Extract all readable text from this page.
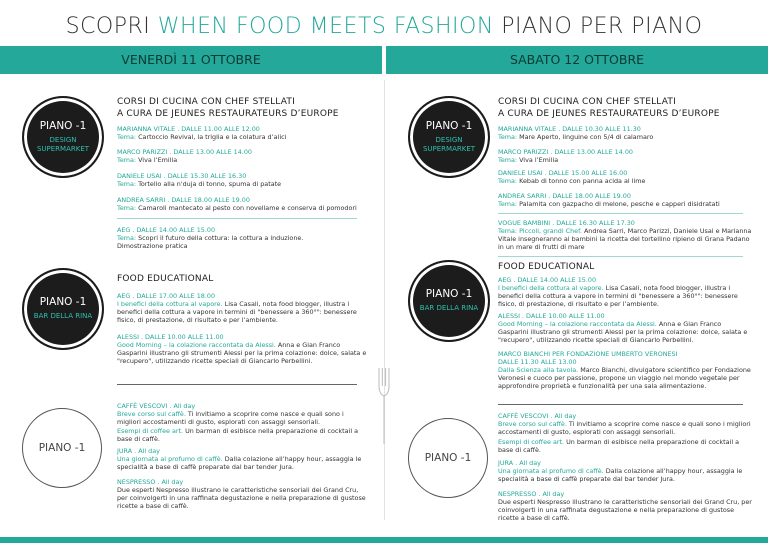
SCOPRI WHEN FOOD MEETS FASHION PIANO PER PIANO
VENERDÌ 11 OTTOBRE	SABATO 12 OTTOBRE
PIANO -1
DESIGN
SUPERMARKET
PIANO -1
BAR DELLA RINA
PIANO -1
PIANO -1
DESIGN
SUPERMARKET
PIANO -1
BAR DELLA RINA
PIANO -1
CORSI DI CUCINA CON CHEF STELLATI
A CURA DE JEUNES RESTAURATEURS D’EUROPE
MARIANNA VITALE . DALLE 11.00 ALLE 12.00
Tema: Cartoccio Revival, la triglia e la colatura d’alici
MARCO PARIZZI . DALLE 13.00 ALLE 14.00
Tema: Viva l’Emilia
DANIELE USAI . DALLE 15.30 ALLE 16.30
Tema: Tortello alla n'duja di tonno, spuma di patate
ANDREA SARRI . DALLE 18.00 ALLE 19.00
Tema: Camaroli mantecato al pesto con novellame e conserva di pomodori
AEG . DALLE 14.00 ALLE 15.00
Tema: Scopri il futuro della cottura: la cottura a induzione.
Dimostrazione pratica
FOOD EDUCATIONAL
AEG . DALLE 17.00 ALLE 18.00
I benefici della cottura al vapore. Lisa Casali, nota food blogger, illustra i benefici della cottura a vapore in termini di "benessere a 360°": benessere fisico, di prestazione, di risultato e per l’ambiente.
ALESSI . DALLE 10.00 ALLE 11.00
Good Morning – la colazione raccontata da Alessi. Anna e Gian Franco Gasparini illustrano gli strumenti Alessi per la prima colazione: dolce, salata e "recupero", utilizzando ricette speciali di Giancarlo Perbellini.
CAFFÈ VESCOVI . All day
Breve corso sul caffè. Ti invitiamo a scoprire come nasce e quali sono i migliori accostamenti di gusto, esplorati con assaggi sensoriali.
Esempi di coffee art. Un barman di esibisce nella preparazione di cocktail a base di caffè.
JURA . All day
Una giornata al profumo di caffè. Dalla colazione all’happy hour, assaggia le specialità a base di caffè preparate dal bar tender Jura.
NESPRESSO . All day
Due esperti Nespresso illustrano le caratteristiche sensoriali dei Grand Cru, per coinvolgerti in una raffinata degustazione e nella preparazione di gustose ricette a base di caffè.
CORSI DI CUCINA CON CHEF STELLATI
A CURA DE JEUNES RESTAURATEURS D’EUROPE
MARIANNA VITALE . DALLE 10.30 ALLE 11.30
Tema: Mare Aperto, linguine con 5/4 di calamaro
MARCO PARIZZI . DALLE 13.00 ALLE 14.00
Tema: Viva l’Emilia
DANIELE USAI . DALLE 15.00 ALLE 16.00
Tema: Kebab di tonno con panna acida al lime
ANDREA SARRI . DALLE 18.00 ALLE 19.00
Tema: Palamita con gazpacho di melone, pesche e capperi disidratati
VOGUE BAMBINI . DALLE 16.30 ALLE 17.30
Tema: Piccoli, grandi Chef. Andrea Sarri, Marco Parizzi, Daniele Usai e Marianna Vitale insegneranno ai bambini la ricetta del tortellino ripieno di Grana Padano in un mare di frutti di mare
FOOD EDUCATIONAL
AEG . DALLE 14.00 ALLE 15.00
I benefici della cottura al vapore. Lisa Casali, nota food blogger, illustra i benefici della cottura a vapore in termini di "benessere a 360°": benessere fisico, di prestazione, di risultato e per l’ambiente.
ALESSI . DALLE 10.00 ALLE 11.00
Good Morning – la colazione raccontata da Alessi. Anna e Gian Franco Gasparini illustrano gli strumenti Alessi per la prima colazione: dolce, salata e "recupero", utilizzando ricette speciali di Giancarlo Perbellini.
MARCO BIANCHI PER FONDAZIONE UMBERTO VERONESI
DALLE 11.30 ALLE 13.00
Dalla Scienza alla tavola. Marco Bianchi, divulgatore scientifico per Fondazione Veronesi e cuoco per passione, propone un viaggio nel mondo vegetale per approfondire proprietà e funzionalità per una sala alimentazione.
CAFFÈ VESCOVI . All day
Breve corso sul caffè. Ti invitiamo a scoprire come nasce e quali sono i migliori accostamenti di gusto, esplorati con assaggi sensoriali.
Esempi di coffee art. Un barman di esibisce nella preparazione di cocktail a base di caffè.
JURA . All day
Una giornata al profumo di caffè. Dalla colazione all’happy hour, assaggia le specialità a base di caffè preparate dal bar tender Jura.
NESPRESSO . All day
Due esperti Nespresso illustrano le caratteristiche sensoriali dei Grand Cru, per coinvolgerti in una raffinata degustazione e nella preparazione di gustose ricette a base di caffè.
